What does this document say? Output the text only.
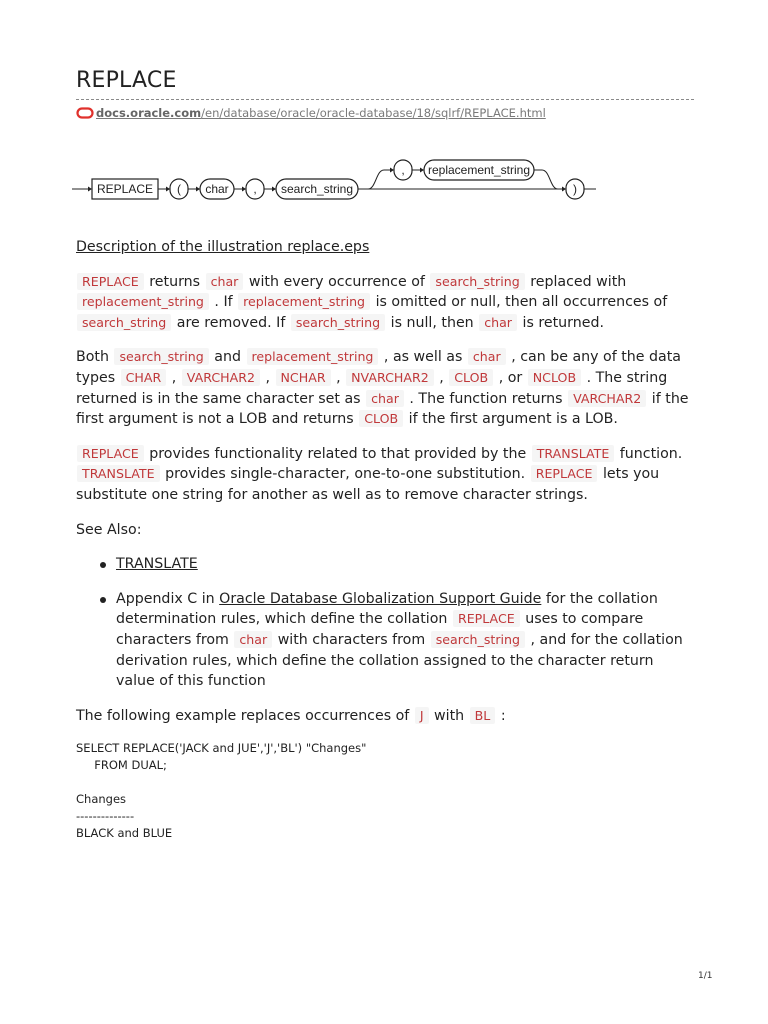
REPLACE
docs.oracle.com/en/database/oracle/oracle-database/18/sqlrf/REPLACE.html
REPLACE ( char , search_string
, replacement_string
)

Description of the illustration replace.eps

REPLACE returns char with every occurrence of search_string replaced with replacement_string . If replacement_string is omitted or null, then all occurrences of search_string are removed. If search_string is null, then char is returned.

Both search_string and replacement_string , as well as char , can be any of the data types CHAR , VARCHAR2 , NCHAR , NVARCHAR2 , CLOB , or NCLOB . The string returned is in the same character set as char . The function returns VARCHAR2 if the first argument is not a LOB and returns CLOB if the first argument is a LOB.

REPLACE provides functionality related to that provided by the TRANSLATE function. TRANSLATE provides single-character, one-to-one substitution. REPLACE lets you substitute one string for another as well as to remove character strings.

See Also:

TRANSLATE
Appendix C in Oracle Database Globalization Support Guide for the collation determination rules, which define the collation REPLACE uses to compare characters from char with characters from search_string , and for the collation derivation rules, which define the collation assigned to the character return value of this function

The following example replaces occurrences of J with BL :

SELECT REPLACE('JACK and JUE','J','BL') "Changes"
FROM DUAL;

Changes
--------------
BLACK and BLUE
1/1
